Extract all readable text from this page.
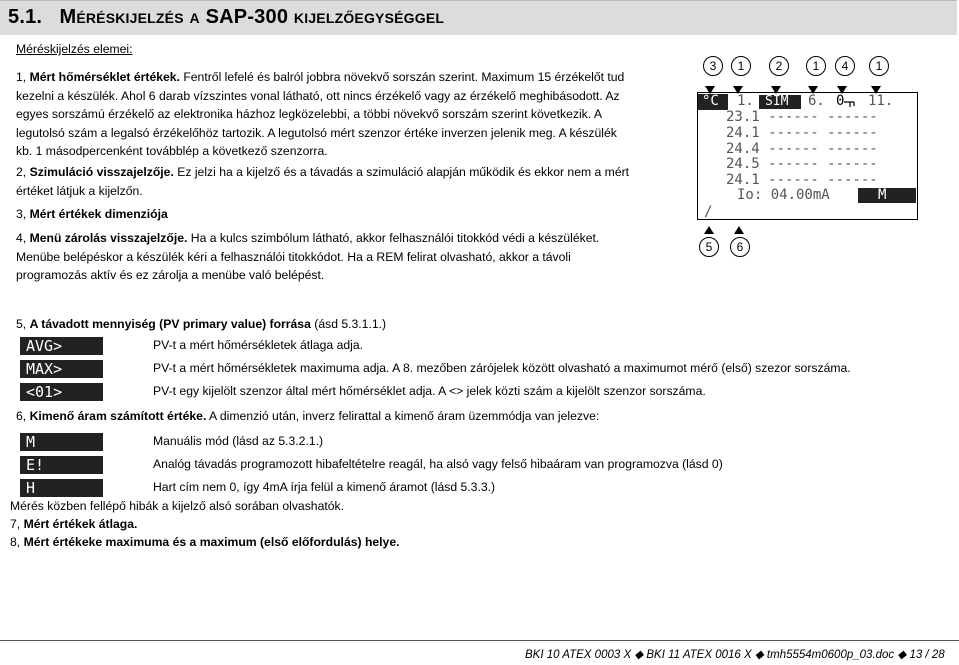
5.1. Méréskijelzés a SAP-300 kijelzőegységgel
Méréskijelzés elemei:
1, Mért hőmérséklet értékek. Fentről lefelé és balról jobbra növekvő sorszán szerint. Maximum 15 érzékelőt tud
kezelni a készülék. Ahol 6 darab vízszintes vonal látható, ott nincs érzékelő vagy az érzékelő meghibásodott. Az
egyes sorszámú érzékelő az elektronika házhoz legközelebbi, a többi növekvő sorszám szerint következik. A
legutolsó szám a legalsó érzékelőhöz tartozik. A legutolsó mért szenzor értéke inverzen jelenik meg. A készülék
kb. 1 másodpercenként továbblép a következő szenzorra.
2, Szimuláció visszajelzője. Ez jelzi ha a kijelző és a távadás a szimuláció alapján működik és ekkor nem a mért
értéket látjuk a kijelzőn.
3, Mért értékek dimenziója
4, Menü zárolás visszajelzője. Ha a kulcs szimbólum látható, akkor felhasználói titokkód védi a készüléket.
Menübe belépéskor a készülék kéri a felhasználói titokkódot. Ha a REM felirat olvasható, akkor a távoli
programozás aktív és ez zárolja a menübe való belépést.
3	1	2	1	4	1
°C 1. SIM 6. 0 11.
23.1 ------ ------
24.1 ------ ------
24.4 ------ ------
24.5 ------ ------
24.1 ------ ------
Io: 04.00mA	M
/
5	6
5, A távadott mennyiség (PV primary value) forrása (ásd 5.3.1.1.)
AVG>	PV-t a mért hőmérsékletek átlaga adja.
MAX>	PV-t a mért hőmérsékletek maximuma adja. A 8. mezőben zárójelek között olvasható a maximumot mérő (első) szezor sorszáma.
<01>	PV-t egy kijelölt szenzor által mért hőmérséklet adja. A <> jelek közti szám a kijelölt szenzor sorszáma.
6, Kimenő áram számított értéke. A dimenzió után, inverz felirattal a kimenő áram üzemmódja van jelezve:
M	Manuális mód (lásd az 5.3.2.1.)
E!	Analóg távadás programozott hibafeltételre reagál, ha alsó vagy felső hibaáram van programozva (lásd 0)
H	Hart cím nem 0, így 4mA írja felül a kimenő áramot (lásd 5.3.3.)
Mérés közben fellépő hibák a kijelző alsó sorában olvashatók.
7, Mért értékek átlaga.
8, Mért értékeke maximuma és a maximum (első előfordulás) helye.
BKI 10 ATEX 0003 X ◆ BKI 11 ATEX 0016 X ◆ tmh5554m0600p_03.doc ◆ 13 / 28
